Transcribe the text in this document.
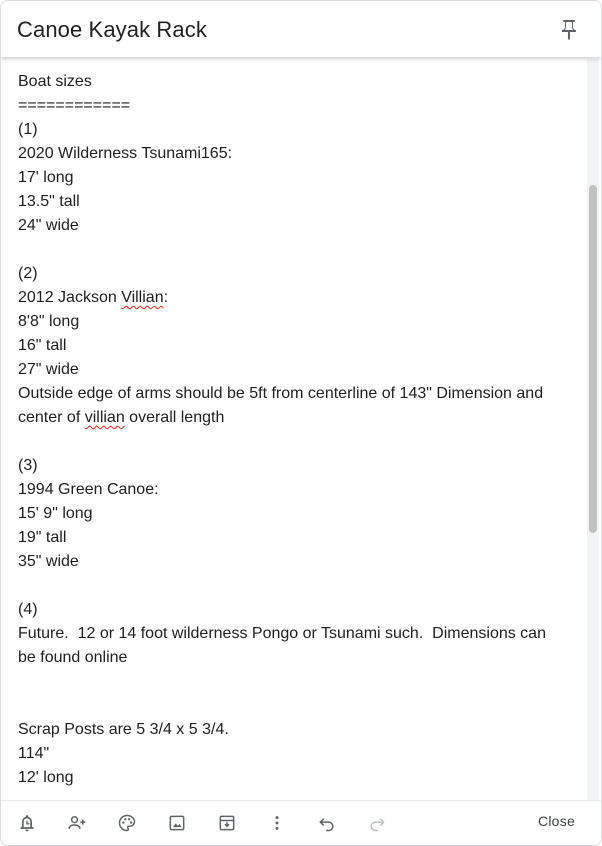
Canoe Kayak Rack
Boat sizes
============
(1)
2020 Wilderness Tsunami165:
17' long
13.5" tall
24" wide
(2)
2012 Jackson Villian:
8'8" long
16" tall
27" wide
Outside edge of arms should be 5ft from centerline of 143" Dimension and
center of villian overall length
(3)
1994 Green Canoe:
15' 9" long
19" tall
35" wide
(4)
Future.  12 or 14 foot wilderness Pongo or Tsunami such.  Dimensions can
be found online
Scrap Posts are 5 3/4 x 5 3/4.
114"
12' long
Close
